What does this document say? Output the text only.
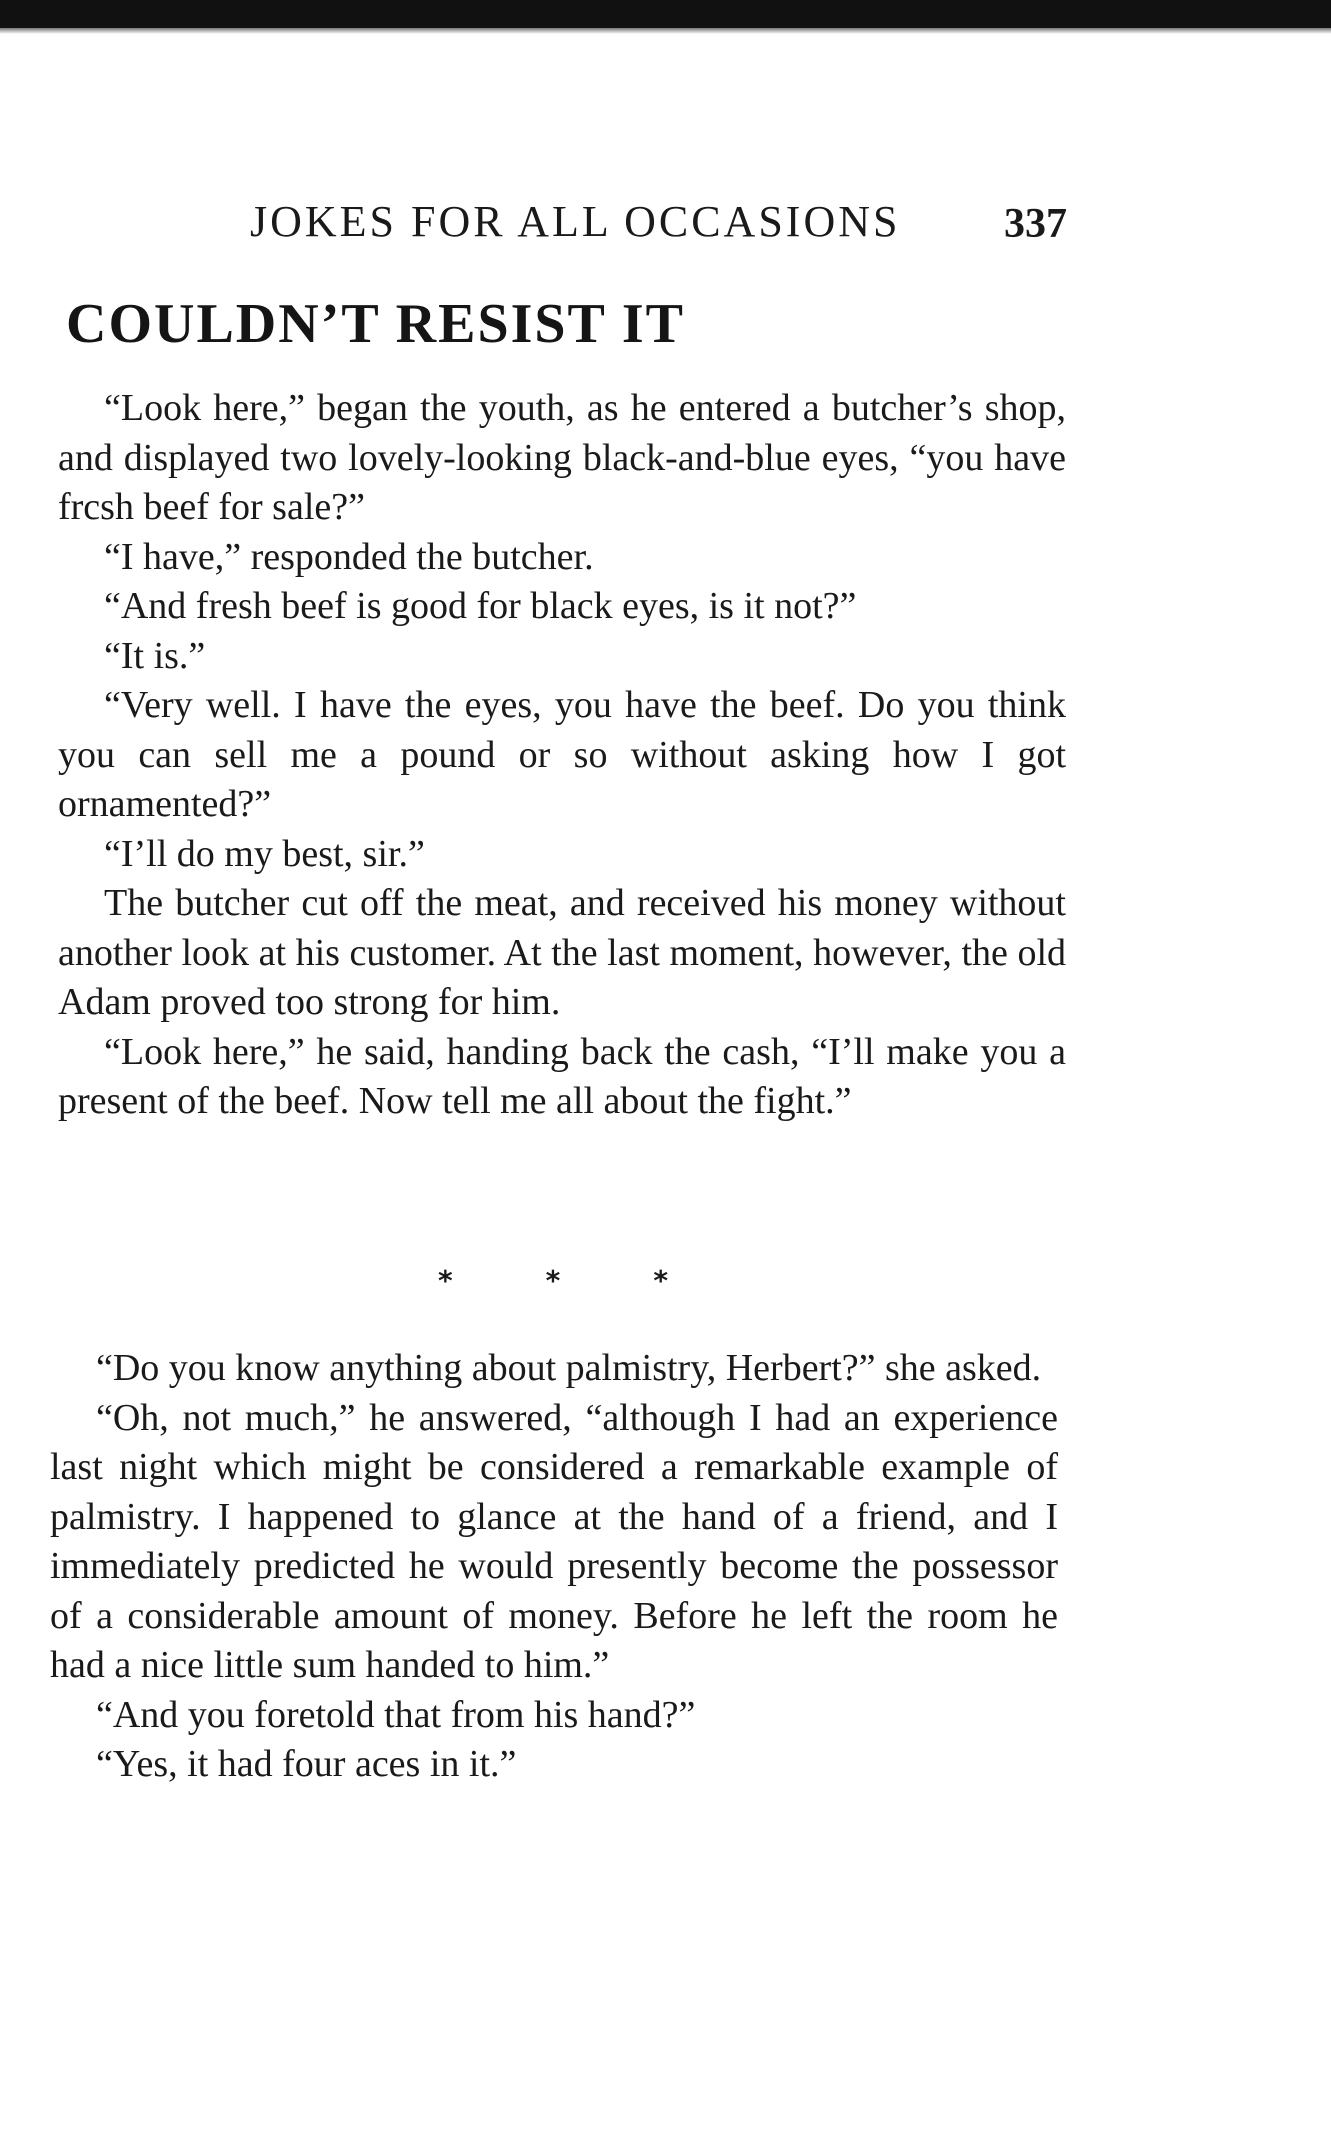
JOKES FOR ALL OCCASIONS 337
COULDN’T RESIST IT

“Look here,” began the youth, as he entered a butcher’s shop, and displayed two lovely-looking black-and-blue eyes, “you have frcsh beef for sale?”

“I have,” responded the butcher.

“And fresh beef is good for black eyes, is it not?”

“It is.”

“Very well. I have the eyes, you have the beef. Do you think you can sell me a pound or so without asking how I got ornamented?”

“I’ll do my best, sir.”

The butcher cut off the meat, and received his money without another look at his customer. At the last moment, however, the old Adam proved too strong for him.

“Look here,” he said, handing back the cash, “I’ll make you a present of the beef. Now tell me all about the fight.”

*	*	*

“Do you know anything about palmistry, Herbert?” she asked.

“Oh, not much,” he answered, “although I had an experience last night which might be considered a remarkable example of palmistry. I happened to glance at the hand of a friend, and I immediately predicted he would presently become the possessor of a considerable amount of money. Before he left the room he had a nice little sum handed to him.”

“And you foretold that from his hand?”

“Yes, it had four aces in it.”
